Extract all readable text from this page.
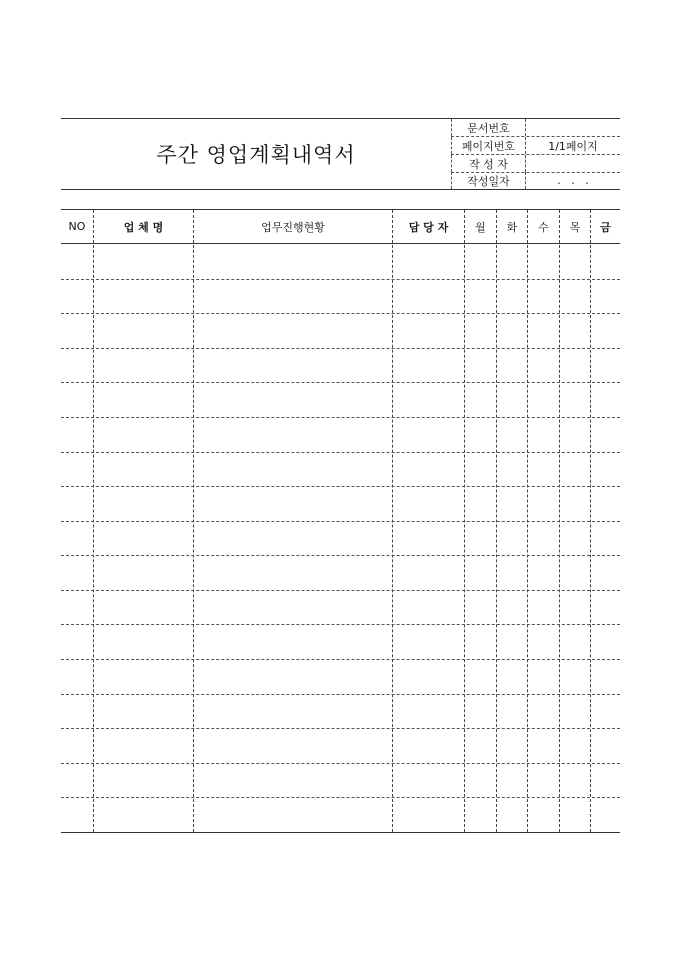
주간 영업계획내역서
문서번호
페이지번호	1/1페이지
작 성 자
작성일자	.   .   .
NO	업 체 명	업무진행현황	담 당 자	월	화	수	목	금
